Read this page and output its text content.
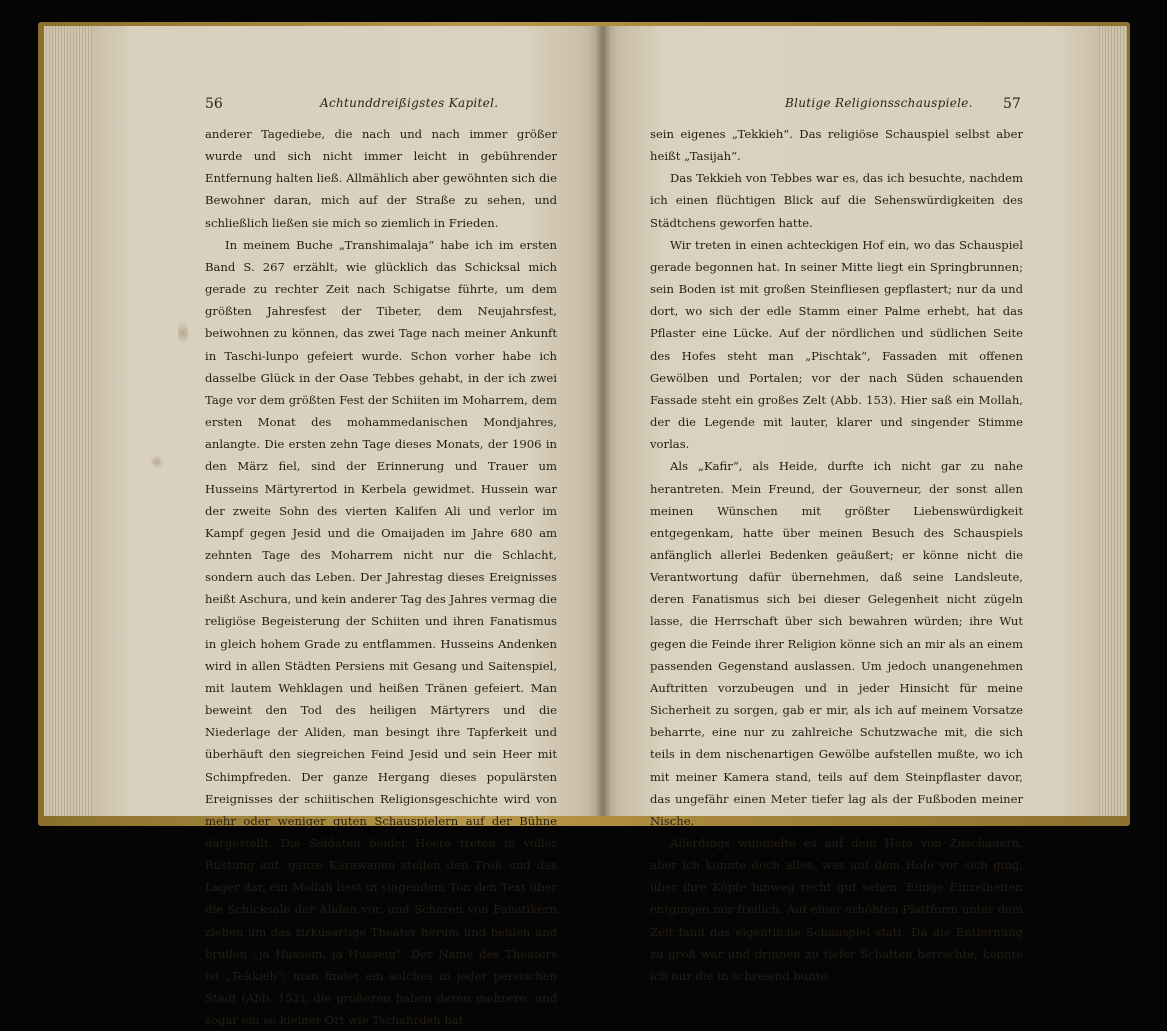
56	Achtunddreißigstes Kapitel.	Blutige Religionsschauspiele. 57

anderer Tagediebe, die nach und nach immer größer wurde und sich nicht immer leicht in gebührender Entfernung halten ließ. Allmählich aber gewöhnten sich die Bewohner daran, mich auf der Straße zu sehen, und schließlich ließen sie mich so ziemlich in Frieden.

In meinem Buche „Transhimalaja“ habe ich im ersten Band S. 267 erzählt, wie glücklich das Schicksal mich gerade zu rechter Zeit nach Schigatse führte, um dem größten Jahresfest der Tibeter, dem Neujahrsfest, beiwohnen zu können, das zwei Tage nach meiner Ankunft in Taschi-lunpo gefeiert wurde. Schon vorher habe ich dasselbe Glück in der Oase Tebbes gehabt, in der ich zwei Tage vor dem größten Fest der Schiiten im Moharrem, dem ersten Monat des mohammedanischen Mondjahres, anlangte. Die ersten zehn Tage dieses Monats, der 1906 in den März fiel, sind der Erinnerung und Trauer um Husseins Märtyrertod in Kerbela gewidmet. Hussein war der zweite Sohn des vierten Kalifen Ali und verlor im Kampf gegen Jesid und die Omaijaden im Jahre 680 am zehnten Tage des Moharrem nicht nur die Schlacht, sondern auch das Leben. Der Jahrestag dieses Ereignisses heißt Aschura, und kein anderer Tag des Jahres vermag die religiöse Begeisterung der Schiiten und ihren Fanatismus in gleich hohem Grade zu entflammen. Husseins Andenken wird in allen Städten Persiens mit Gesang und Saitenspiel, mit lautem Wehklagen und heißen Tränen gefeiert. Man beweint den Tod des heiligen Märtyrers und die Niederlage der Aliden, man besingt ihre Tapferkeit und überhäuft den siegreichen Feind Jesid und sein Heer mit Schimpfreden. Der ganze Hergang dieses populärsten Ereignisses der schiitischen Religionsgeschichte wird von mehr oder weniger guten Schauspielern auf der Bühne dargestellt. Die Soldaten beider Heere treten in voller Rüstung auf, ganze Karawanen stellen den Troß und das Lager dar, ein Mollah liest in singendem Ton den Text über die Schicksale der Aliden vor, und Scharen von Fanatikern ziehen um das zirkusartige Theater herum und heulen und brüllen „ja Hussein, ja Hussein“. Der Name des Theaters ist „Tekkieh“; man findet ein solches in jeder persischen Stadt (Abb. 152), die größeren haben deren mehrere, und sogar ein so kleiner Ort wie Tschahrdeh hat

sein eigenes „Tekkieh“. Das religiöse Schauspiel selbst aber heißt „Tasijah“.

Das Tekkieh von Tebbes war es, das ich besuchte, nachdem ich einen flüchtigen Blick auf die Sehenswürdigkeiten des Städtchens geworfen hatte.

Wir treten in einen achteckigen Hof ein, wo das Schauspiel gerade begonnen hat. In seiner Mitte liegt ein Springbrunnen; sein Boden ist mit großen Steinfliesen gepflastert; nur da und dort, wo sich der edle Stamm einer Palme erhebt, hat das Pflaster eine Lücke. Auf der nördlichen und südlichen Seite des Hofes steht man „Pischtak“, Fassaden mit offenen Gewölben und Portalen; vor der nach Süden schauenden Fassade steht ein großes Zelt (Abb. 153). Hier saß ein Mollah, der die Legende mit lauter, klarer und singender Stimme vorlas.

Als „Kafir“, als Heide, durfte ich nicht gar zu nahe herantreten. Mein Freund, der Gouverneur, der sonst allen meinen Wünschen mit größter Liebenswürdigkeit entgegenkam, hatte über meinen Besuch des Schauspiels anfänglich allerlei Bedenken geäußert; er könne nicht die Verantwortung dafür übernehmen, daß seine Landsleute, deren Fanatismus sich bei dieser Gelegenheit nicht zügeln lasse, die Herrschaft über sich bewahren würden; ihre Wut gegen die Feinde ihrer Religion könne sich an mir als an einem passenden Gegenstand auslassen. Um jedoch unangenehmen Auftritten vorzubeugen und in jeder Hinsicht für meine Sicherheit zu sorgen, gab er mir, als ich auf meinem Vorsatze beharrte, eine nur zu zahlreiche Schutzwache mit, die sich teils in dem nischenartigen Gewölbe aufstellen mußte, wo ich mit meiner Kamera stand, teils auf dem Steinpflaster davor, das ungefähr einen Meter tiefer lag als der Fußboden meiner Nische.

Allerdings wimmelte es auf dem Hofe von Zuschauern, aber ich konnte doch alles, was auf dem Hofe vor sich ging, über ihre Köpfe hinweg recht gut sehen. Einige Einzelheiten entgingen mir freilich. Auf einer erhöhten Plattform unter dem Zelt fand das eigentliche Schauspiel statt. Da die Entfernung zu groß war und drinnen zu tiefer Schatten herrschte, konnte ich nur die in schreiend bunte
